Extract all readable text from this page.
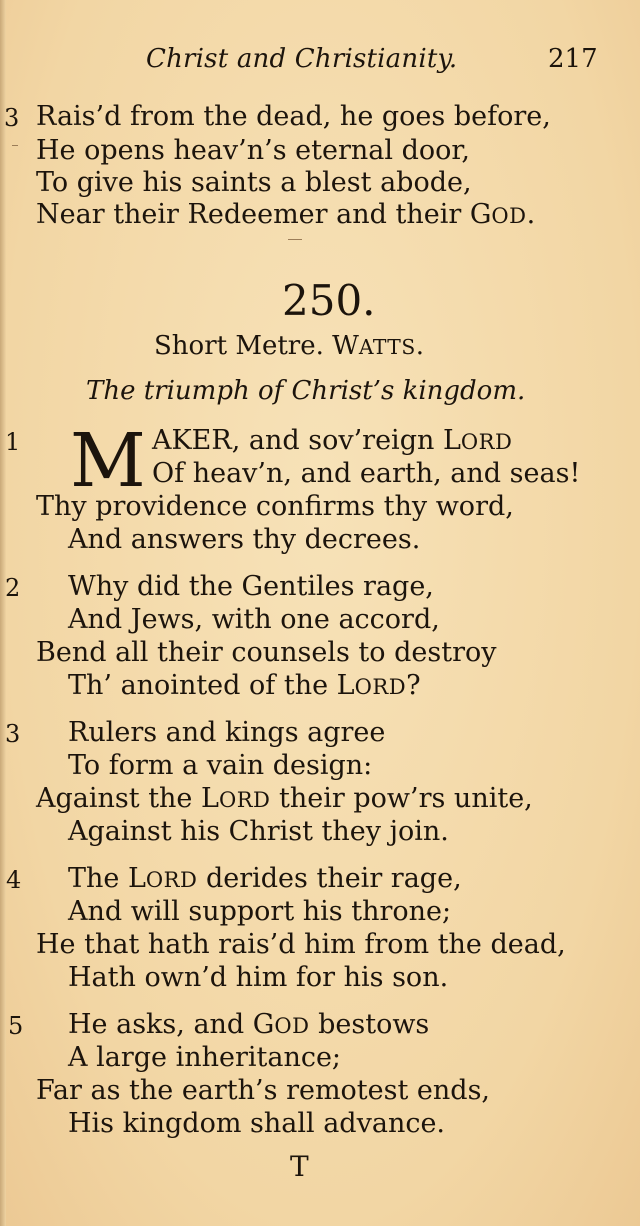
Christ and Christianity.	217
3 Rais’d from the dead, he goes before,
He opens heav’n’s eternal door,
To give his saints a blest abode,
Near their Redeemer and their GOD.
250.
Short Metre. WATTS.
The triumph of Christ’s kingdom.
1 M AKER, and sov’reign LORD
Of heav’n, and earth, and seas!
Thy providence confirms thy word,
And answers thy decrees.
2 Why did the Gentiles rage,
And Jews, with one accord,
Bend all their counsels to destroy
Th’ anointed of the LORD?
3 Rulers and kings agree
To form a vain design:
Against the LORD their pow’rs unite,
Against his Christ they join.
4 The LORD derides their rage,
And will support his throne;
He that hath rais’d him from the dead,
Hath own’d him for his son.
5 He asks, and GOD bestows
A large inheritance;
Far as the earth’s remotest ends,
His kingdom shall advance.
T
